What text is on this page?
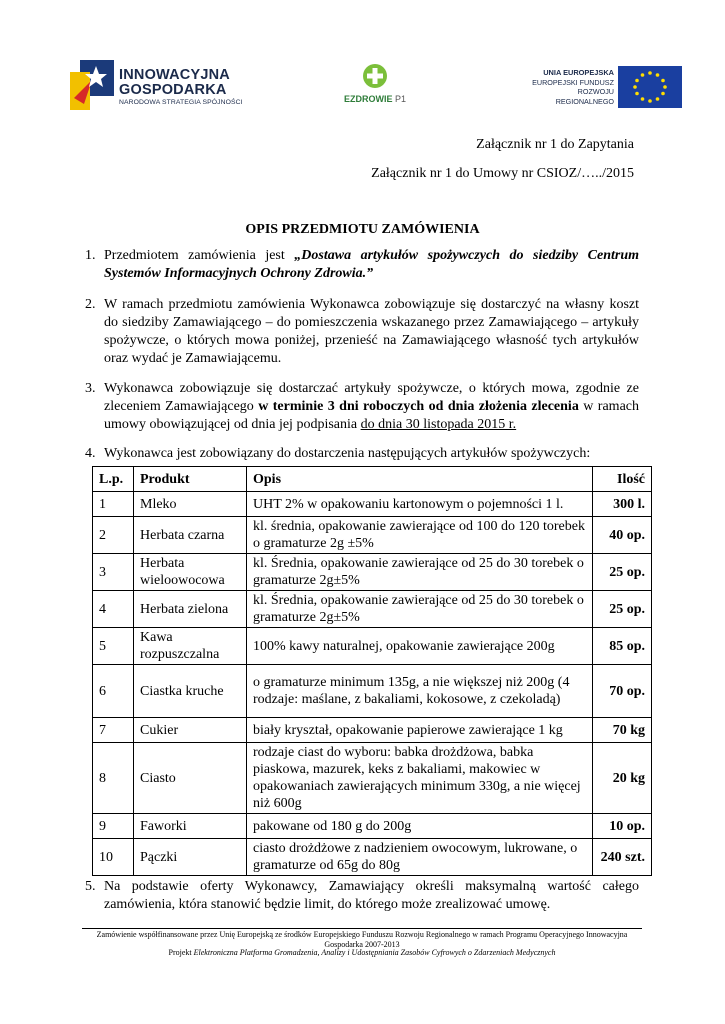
INNOWACYJNA
GOSPODARKA
NARODOWA STRATEGIA SPÓJNOŚCI	EZDROWIE P1
UNIA EUROPEJSKA
EUROPEJSKI FUNDUSZ
ROZWOJU REGIONALNEGO
Załącznik nr 1 do Zapytania
Załącznik nr 1 do Umowy nr CSIOZ/…../2015
OPIS PRZEDMIOTU ZAMÓWIENIA
1. Przedmiotem zamówienia jest „Dostawa artykułów spożywczych do siedziby Centrum Systemów Informacyjnych Ochrony Zdrowia.”
2. W ramach przedmiotu zamówienia Wykonawca zobowiązuje się dostarczyć na własny koszt do siedziby Zamawiającego – do pomieszczenia wskazanego przez Zamawiającego – artykuły spożywcze, o których mowa poniżej, przenieść na Zamawiającego własność tych artykułów oraz wydać je Zamawiającemu.
3. Wykonawca zobowiązuje się dostarczać artykuły spożywcze, o których mowa, zgodnie ze zleceniem Zamawiającego w terminie 3 dni roboczych od dnia złożenia zlecenia w ramach umowy obowiązującej od dnia jej podpisania do dnia 30 listopada 2015 r.
4. Wykonawca jest zobowiązany do dostarczenia następujących artykułów spożywczych:
L.p.	Produkt	Opis	Ilość
1	Mleko	UHT 2% w opakowaniu kartonowym o pojemności 1 l.	300 l.
2	Herbata czarna	kl. średnia, opakowanie zawierające od 100 do 120 torebek o gramaturze 2g ±5%	40 op.
3	Herbata wieloowocowa	kl. Średnia, opakowanie zawierające od 25 do 30 torebek o gramaturze 2g±5%	25 op.
4	Herbata zielona	kl. Średnia, opakowanie zawierające od 25 do 30 torebek o gramaturze 2g±5%	25 op.
5	Kawa rozpuszczalna	100% kawy naturalnej, opakowanie zawierające 200g	85 op.
6	Ciastka kruche	o gramaturze minimum 135g, a nie większej niż 200g (4 rodzaje: maślane, z bakaliami, kokosowe, z czekoladą)	70 op.
7	Cukier	biały kryształ, opakowanie papierowe zawierające 1 kg	70 kg
8	Ciasto	rodzaje ciast do wyboru: babka drożdżowa, babka piaskowa, mazurek, keks z bakaliami, makowiec w opakowaniach zawierających minimum 330g, a nie więcej niż 600g	20 kg
9	Faworki	pakowane od 180 g do 200g	10 op.
10	Pączki	ciasto drożdżowe z nadzieniem owocowym, lukrowane, o gramaturze od 65g do 80g	240 szt.
5. Na podstawie oferty Wykonawcy, Zamawiający określi maksymalną wartość całego zamówienia, która stanowić będzie limit, do którego może zrealizować umowę.
Zamówienie współfinansowane przez Unię Europejską ze środków Europejskiego Funduszu Rozwoju Regionalnego w ramach Programu Operacyjnego Innowacyjna Gospodarka 2007-2013
Projekt Elektroniczna Platforma Gromadzenia, Analizy i Udostępniania Zasobów Cyfrowych o Zdarzeniach Medycznych
